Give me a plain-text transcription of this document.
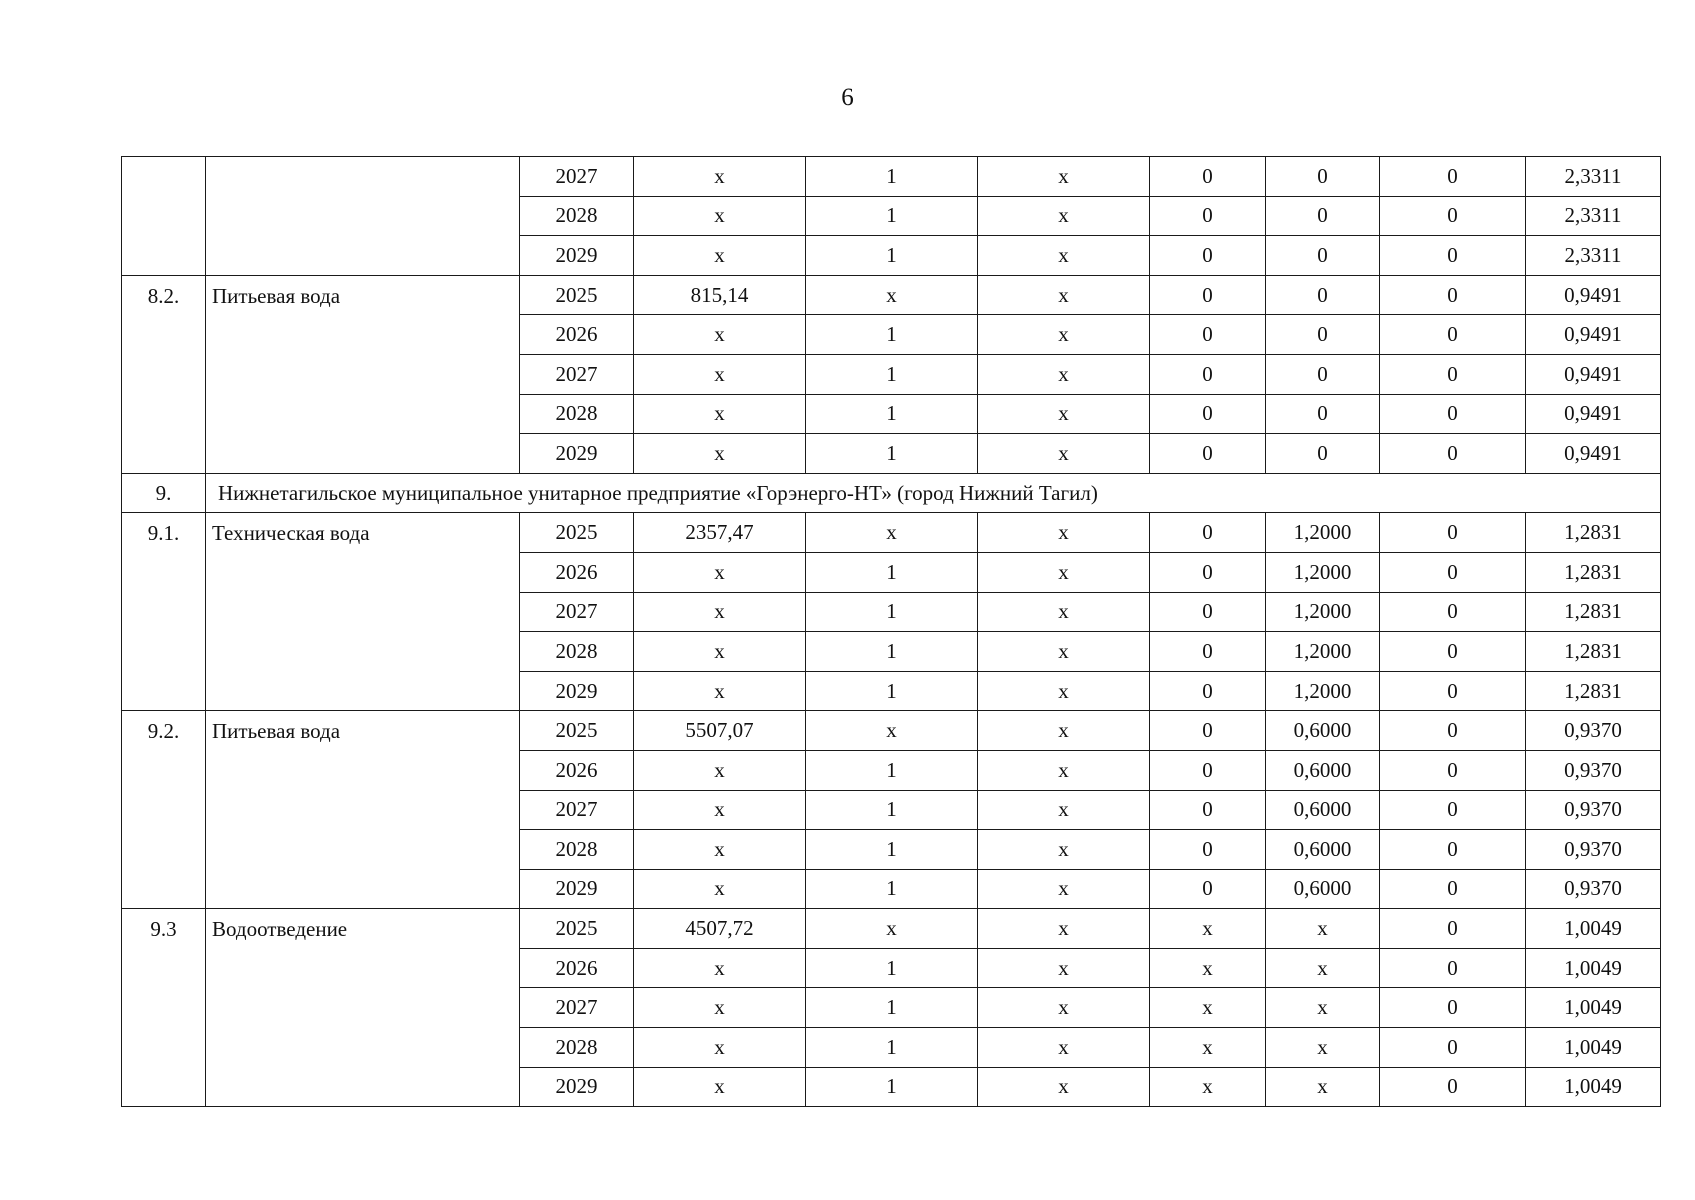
6
		2027	х	1	х	0	0	0	2,3311
		2028	х	1	х	0	0	0	2,3311
		2029	х	1	х	0	0	0	2,3311
8.2.	Питьевая вода	2025	815,14	х	х	0	0	0	0,9491
		2026	х	1	х	0	0	0	0,9491
		2027	х	1	х	0	0	0	0,9491
		2028	х	1	х	0	0	0	0,9491
		2029	х	1	х	0	0	0	0,9491
9.	Нижнетагильское муниципальное унитарное предприятие «Горэнерго-НТ» (город Нижний Тагил)								
9.1.	Техническая вода	2025	2357,47	х	х	0	1,2000	0	1,2831
		2026	х	1	х	0	1,2000	0	1,2831
		2027	х	1	х	0	1,2000	0	1,2831
		2028	х	1	х	0	1,2000	0	1,2831
		2029	х	1	х	0	1,2000	0	1,2831
9.2.	Питьевая вода	2025	5507,07	х	х	0	0,6000	0	0,9370
		2026	х	1	х	0	0,6000	0	0,9370
		2027	х	1	х	0	0,6000	0	0,9370
		2028	х	1	х	0	0,6000	0	0,9370
		2029	х	1	х	0	0,6000	0	0,9370
9.3	Водоотведение	2025	4507,72	х	х	х	х	0	1,0049
		2026	х	1	х	х	х	0	1,0049
		2027	х	1	х	х	х	0	1,0049
		2028	х	1	х	х	х	0	1,0049
		2029	х	1	х	х	х	0	1,0049
